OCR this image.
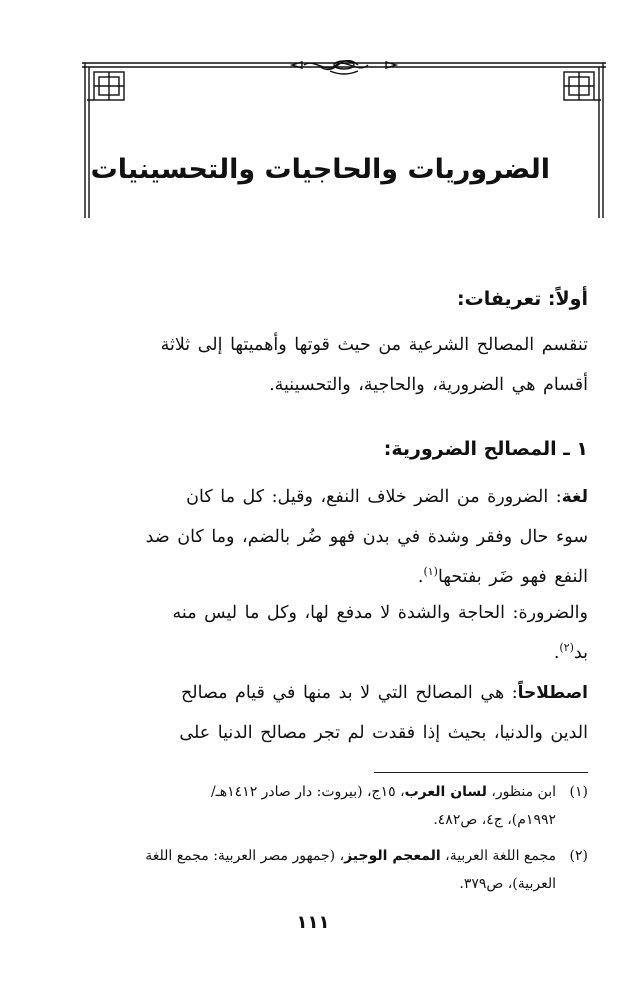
الضروريات والحاجيات والتحسينيات
أولاً: تعريفات:
تنقسم المصالح الشرعية من حيث قوتها وأهميتها إلى ثلاثة
أقسام هي الضرورية، والحاجية، والتحسينية.
١ ـ المصالح الضرورية:
لغة: الضرورة من الضر خلاف النفع، وقيل: كل ما كان
سوء حال وفقر وشدة في بدن فهو ضُر بالضم، وما كان ضد
النفع فهو ضَر بفتحها$^{(١)}$.
والضرورة: الحاجة والشدة لا مدفع لها، وكل ما ليس منه
بد$^{(٢)}$.
اصطلاحاً: هي المصالح التي لا بد منها في قيام مصالح
الدين والدنيا، بحيث إذا فقدت لم تجر مصالح الدنيا على
(١)ابن منظور، لسان العرب، ١٥ج، (بيروت: دار صادر ١٤١٢هـ/
١٩٩٢م)، ج٤، ص٤٨٢.
(٢)مجمع اللغة العربية، المعجم الوجيز، (جمهور مصر العربية: مجمع اللغة
العربية)، ص٣٧٩.
١١١
